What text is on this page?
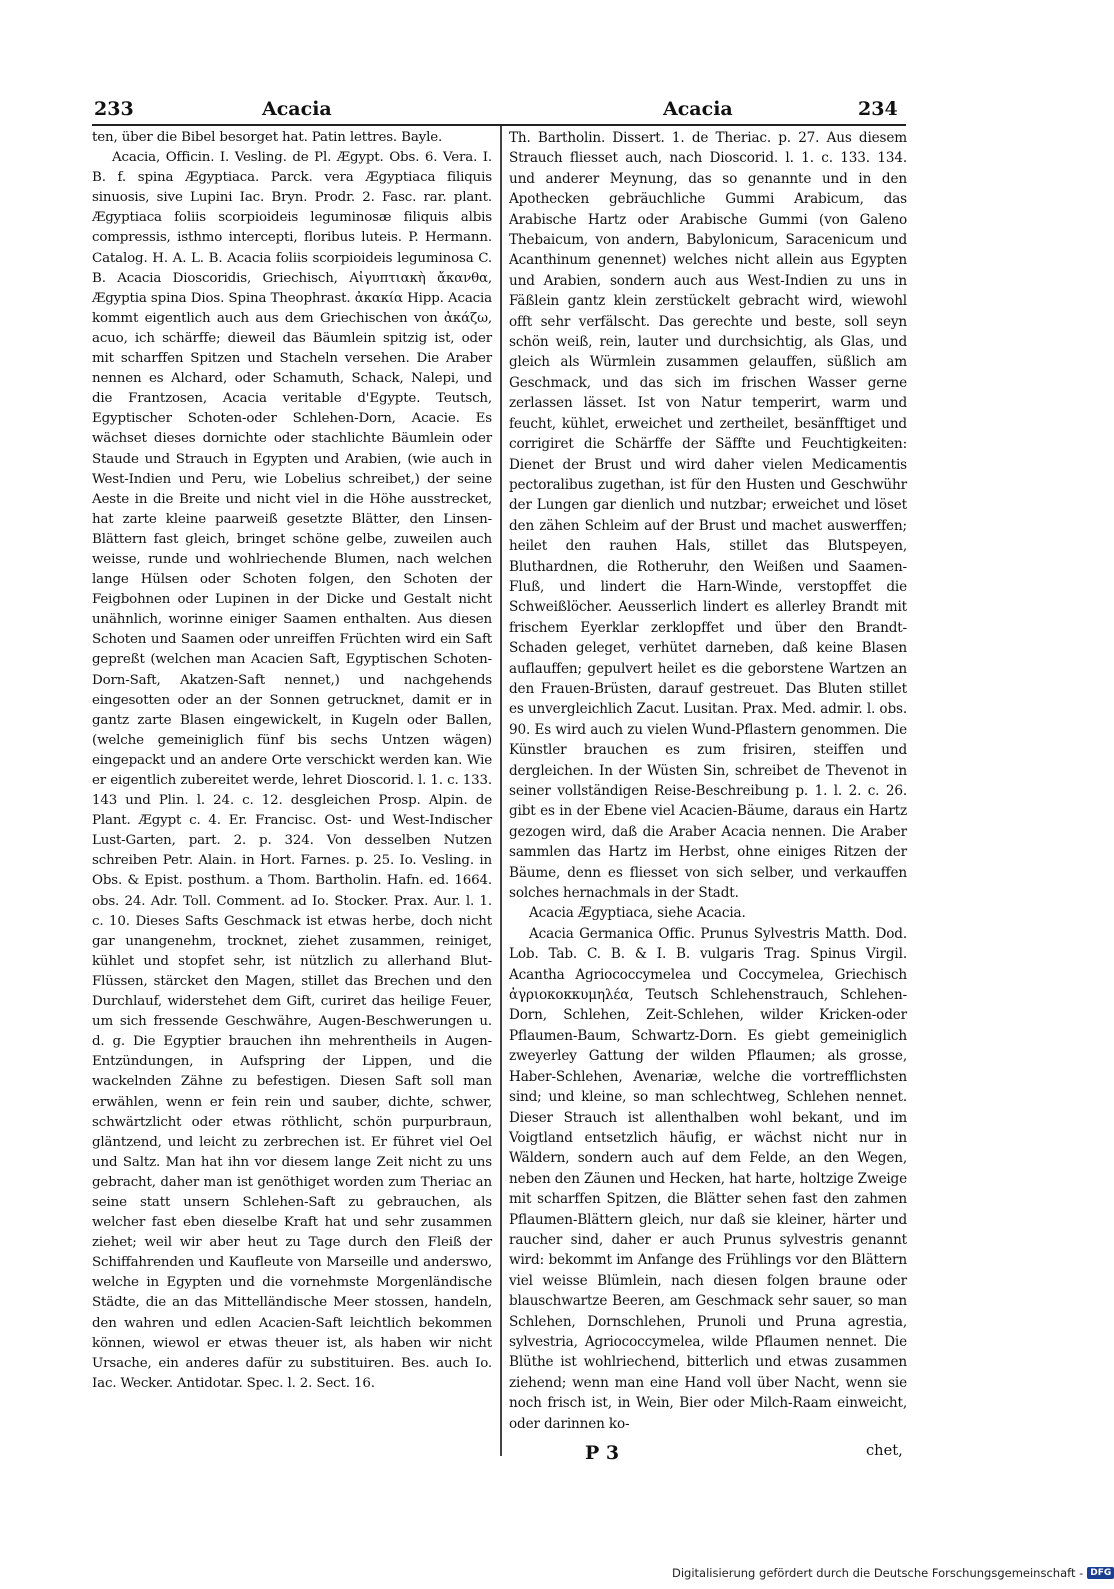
233	Acacia	Acacia	234

ten, über die Bibel besorget hat. Patin lettres. Bayle.

Acacia, Officin. I. Vesling. de Pl. Ægypt. Obs. 6. Vera. I. B. f. spina Ægyptiaca. Parck. vera Ægyptiaca filiquis sinuosis, sive Lupini Iac. Bryn. Prodr. 2. Fasc. rar. plant. Ægyptiaca foliis scorpioideis leguminosæ filiquis albis compressis, isthmo intercepti, floribus luteis. P. Hermann. Catalog. H. A. L. B. Acacia foliis scorpioideis leguminosa C. B. Acacia Dioscoridis, Griechisch, Αἰγυπτιακὴ ἄκανθα, Ægyptia spina Dios. Spina Theophrast. ἀκακία Hipp. Acacia kommt eigentlich auch aus dem Griechischen von ἀκάζω, acuo, ich schärffe; dieweil das Bäumlein spitzig ist, oder mit scharffen Spitzen und Stacheln versehen. Die Araber nennen es Alchard, oder Schamuth, Schack, Nalepi, und die Frantzosen, Acacia veritable d'Egypte. Teutsch, Egyptischer Schoten-oder Schlehen-Dorn, Acacie. Es wächset dieses dornichte oder stachlichte Bäumlein oder Staude und Strauch in Egypten und Arabien, (wie auch in West-Indien und Peru, wie Lobelius schreibet,) der seine Aeste in die Breite und nicht viel in die Höhe ausstrecket, hat zarte kleine paarweiß gesetzte Blätter, den Linsen-Blättern fast gleich, bringet schöne gelbe, zuweilen auch weisse, runde und wohlriechende Blumen, nach welchen lange Hülsen oder Schoten folgen, den Schoten der Feigbohnen oder Lupinen in der Dicke und Gestalt nicht unähnlich, worinne einiger Saamen enthalten. Aus diesen Schoten und Saamen oder unreiffen Früchten wird ein Saft gepreßt (welchen man Acacien Saft, Egyptischen Schoten-Dorn-Saft, Akatzen-Saft nennet,) und nachgehends eingesotten oder an der Sonnen getrucknet, damit er in gantz zarte Blasen eingewickelt, in Kugeln oder Ballen, (welche gemeiniglich fünf bis sechs Untzen wägen) eingepackt und an andere Orte verschickt werden kan. Wie er eigentlich zubereitet werde, lehret Dioscorid. l. 1. c. 133. 143 und Plin. l. 24. c. 12. desgleichen Prosp. Alpin. de Plant. Ægypt c. 4. Er. Francisc. Ost- und West-Indischer Lust-Garten, part. 2. p. 324. Von desselben Nutzen schreiben Petr. Alain. in Hort. Farnes. p. 25. Io. Vesling. in Obs. & Epist. posthum. a Thom. Bartholin. Hafn. ed. 1664. obs. 24. Adr. Toll. Comment. ad Io. Stocker. Prax. Aur. l. 1. c. 10. Dieses Safts Geschmack ist etwas herbe, doch nicht gar unangenehm, trocknet, ziehet zusammen, reiniget, kühlet und stopfet sehr, ist nützlich zu allerhand Blut-Flüssen, stärcket den Magen, stillet das Brechen und den Durchlauf, widerstehet dem Gift, curiret das heilige Feuer, um sich fressende Geschwähre, Augen-Beschwerungen u. d. g. Die Egyptier brauchen ihn mehrentheils in Augen-Entzündungen, in Aufspring der Lippen, und die wackelnden Zähne zu befestigen. Diesen Saft soll man erwählen, wenn er fein rein und sauber, dichte, schwer, schwärtzlicht oder etwas röthlicht, schön purpurbraun, gläntzend, und leicht zu zerbrechen ist. Er führet viel Oel und Saltz. Man hat ihn vor diesem lange Zeit nicht zu uns gebracht, daher man ist genöthiget worden zum Theriac an seine statt unsern Schlehen-Saft zu gebrauchen, als welcher fast eben dieselbe Kraft hat und sehr zusammen ziehet; weil wir aber heut zu Tage durch den Fleiß der Schiffahrenden und Kaufleute von Marseille und anderswo, welche in Egypten und die vornehmste Morgenländische Städte, die an das Mittelländische Meer stossen, handeln, den wahren und edlen Acacien-Saft leichtlich bekommen können, wiewol er etwas theuer ist, als haben wir nicht Ursache, ein anderes dafür zu substituiren. Bes. auch Io. Iac. Wecker. Antidotar. Spec. l. 2. Sect. 16.

Th. Bartholin. Dissert. 1. de Theriac. p. 27. Aus diesem Strauch fliesset auch, nach Dioscorid. l. 1. c. 133. 134. und anderer Meynung, das so genannte und in den Apothecken gebräuchliche Gummi Arabicum, das Arabische Hartz oder Arabische Gummi (von Galeno Thebaicum, von andern, Babylonicum, Saracenicum und Acanthinum genennet) welches nicht allein aus Egypten und Arabien, sondern auch aus West-Indien zu uns in Fäßlein gantz klein zerstückelt gebracht wird, wiewohl offt sehr verfälscht. Das gerechte und beste, soll seyn schön weiß, rein, lauter und durchsichtig, als Glas, und gleich als Würmlein zusammen gelauffen, süßlich am Geschmack, und das sich im frischen Wasser gerne zerlassen lässet. Ist von Natur temperirt, warm und feucht, kühlet, erweichet und zertheilet, besänfftiget und corrigiret die Schärffe der Säffte und Feuchtigkeiten: Dienet der Brust und wird daher vielen Medicamentis pectoralibus zugethan, ist für den Husten und Geschwühr der Lungen gar dienlich und nutzbar; erweichet und löset den zähen Schleim auf der Brust und machet auswerffen; heilet den rauhen Hals, stillet das Blutspeyen, Bluthardnen, die Rotheruhr, den Weißen und Saamen-Fluß, und lindert die Harn-Winde, verstopffet die Schweißlöcher. Aeusserlich lindert es allerley Brandt mit frischem Eyerklar zerklopffet und über den Brandt-Schaden geleget, verhütet darneben, daß keine Blasen auflauffen; gepulvert heilet es die geborstene Wartzen an den Frauen-Brüsten, darauf gestreuet. Das Bluten stillet es unvergleichlich Zacut. Lusitan. Prax. Med. admir. l. obs. 90. Es wird auch zu vielen Wund-Pflastern genommen. Die Künstler brauchen es zum frisiren, steiffen und dergleichen. In der Wüsten Sin, schreibet de Thevenot in seiner vollständigen Reise-Beschreibung p. 1. l. 2. c. 26. gibt es in der Ebene viel Acacien-Bäume, daraus ein Hartz gezogen wird, daß die Araber Acacia nennen. Die Araber sammlen das Hartz im Herbst, ohne einiges Ritzen der Bäume, denn es fliesset von sich selber, und verkauffen solches hernachmals in der Stadt.

Acacia Ægyptiaca, siehe Acacia.

Acacia Germanica Offic. Prunus Sylvestris Matth. Dod. Lob. Tab. C. B. & I. B. vulgaris Trag. Spinus Virgil. Acantha Agriococcymelea und Coccymelea, Griechisch ἀγριοκοκκυμηλέα, Teutsch Schlehenstrauch, Schlehen-Dorn, Schlehen, Zeit-Schlehen, wilder Kricken-oder Pflaumen-Baum, Schwartz-Dorn. Es giebt gemeiniglich zweyerley Gattung der wilden Pflaumen; als grosse, Haber-Schlehen, Avenariæ, welche die vortrefflichsten sind; und kleine, so man schlechtweg, Schlehen nennet. Dieser Strauch ist allenthalben wohl bekant, und im Voigtland entsetzlich häufig, er wächst nicht nur in Wäldern, sondern auch auf dem Felde, an den Wegen, neben den Zäunen und Hecken, hat harte, holtzige Zweige mit scharffen Spitzen, die Blätter sehen fast den zahmen Pflaumen-Blättern gleich, nur daß sie kleiner, härter und raucher sind, daher er auch Prunus sylvestris genannt wird: bekommt im Anfange des Frühlings vor den Blättern viel weisse Blümlein, nach diesen folgen braune oder blauschwartze Beeren, am Geschmack sehr sauer, so man Schlehen, Dornschlehen, Prunoli und Pruna agrestia, sylvestria, Agriococcymelea, wilde Pflaumen nennet. Die Blüthe ist wohlriechend, bitterlich und etwas zusammen ziehend; wenn man eine Hand voll über Nacht, wenn sie noch frisch ist, in Wein, Bier oder Milch-Raam einweicht, oder darinnen ko-

P 3	chet,
Digitalisierung gefördert durch die Deutsche Forschungsgemeinschaft - DFG
